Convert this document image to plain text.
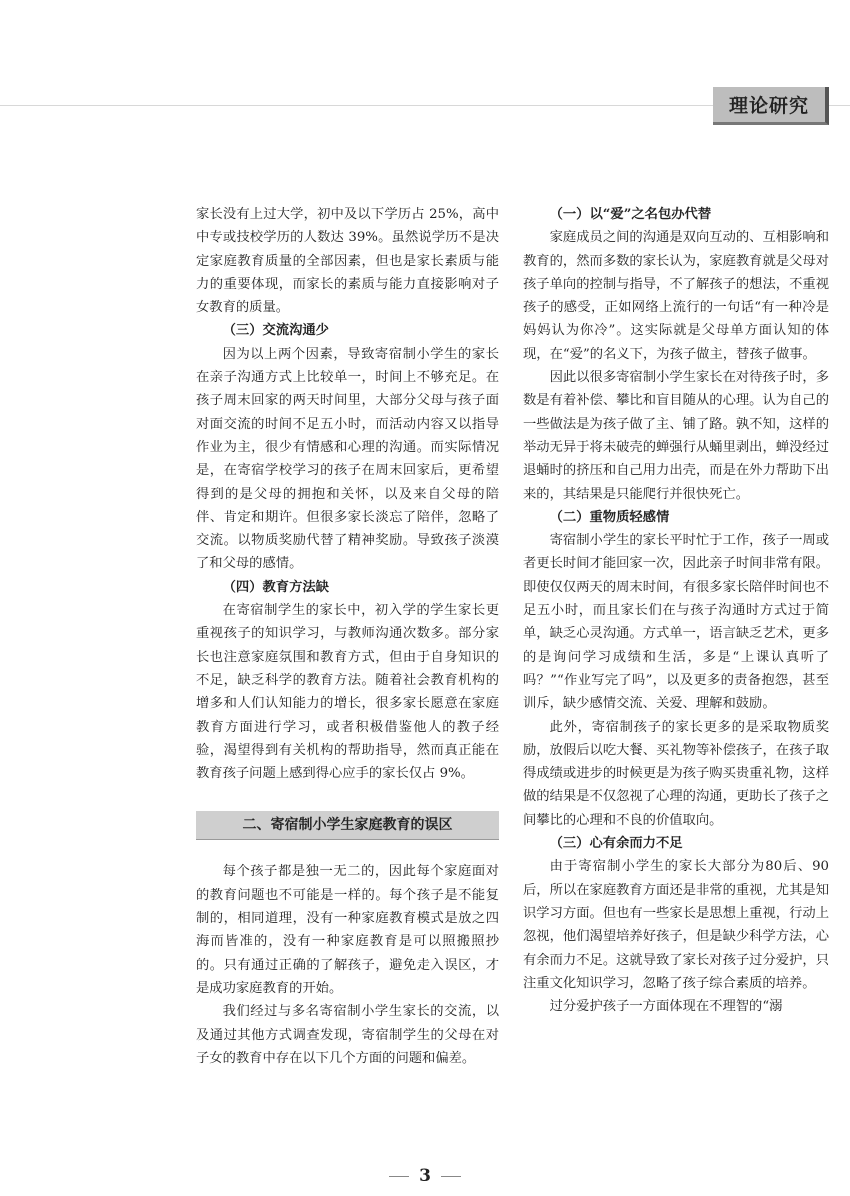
理论研究

家长没有上过大学，初中及以下学历占 25%，高中中专或技校学历的人数达 39%。虽然说学历不是决定家庭教育质量的全部因素，但也是家长素质与能力的重要体现，而家长的素质与能力直接影响对子女教育的质量。

（三）交流沟通少

因为以上两个因素，导致寄宿制小学生的家长在亲子沟通方式上比较单一，时间上不够充足。在孩子周末回家的两天时间里，大部分父母与孩子面对面交流的时间不足五小时，而活动内容又以指导作业为主，很少有情感和心理的沟通。而实际情况是，在寄宿学校学习的孩子在周末回家后，更希望得到的是父母的拥抱和关怀，以及来自父母的陪伴、肯定和期许。但很多家长淡忘了陪伴，忽略了交流。以物质奖励代替了精神奖励。导致孩子淡漠了和父母的感情。

（四）教育方法缺

在寄宿制学生的家长中，初入学的学生家长更重视孩子的知识学习，与教师沟通次数多。部分家长也注意家庭氛围和教育方式，但由于自身知识的不足，缺乏科学的教育方法。随着社会教育机构的增多和人们认知能力的增长，很多家长愿意在家庭教育方面进行学习，或者积极借鉴他人的教子经验，渴望得到有关机构的帮助指导，然而真正能在教育孩子问题上感到得心应手的家长仅占 9%。

二、寄宿制小学生家庭教育的误区

每个孩子都是独一无二的，因此每个家庭面对的教育问题也不可能是一样的。每个孩子是不能复制的，相同道理，没有一种家庭教育模式是放之四海而皆准的，没有一种家庭教育是可以照搬照抄的。只有通过正确的了解孩子，避免走入误区，才是成功家庭教育的开始。

我们经过与多名寄宿制小学生家长的交流，以及通过其他方式调查发现，寄宿制学生的父母在对子女的教育中存在以下几个方面的问题和偏差。

（一）以“爱”之名包办代替

家庭成员之间的沟通是双向互动的、互相影响和教育的，然而多数的家长认为，家庭教育就是父母对孩子单向的控制与指导，不了解孩子的想法，不重视孩子的感受，正如网络上流行的一句话“有一种冷是妈妈认为你冷”。这实际就是父母单方面认知的体现，在“爱”的名义下，为孩子做主，替孩子做事。

因此以很多寄宿制小学生家长在对待孩子时，多数是有着补偿、攀比和盲目随从的心理。认为自己的一些做法是为孩子做了主、铺了路。孰不知，这样的举动无异于将未破壳的蝉强行从蛹里剥出，蝉没经过退蛹时的挤压和自己用力出壳，而是在外力帮助下出来的，其结果是只能爬行并很快死亡。

（二）重物质轻感情

寄宿制小学生的家长平时忙于工作，孩子一周或者更长时间才能回家一次，因此亲子时间非常有限。即使仅仅两天的周末时间，有很多家长陪伴时间也不足五小时，而且家长们在与孩子沟通时方式过于简单，缺乏心灵沟通。方式单一，语言缺乏艺术，更多的是询问学习成绩和生活，多是“上课认真听了吗？”“作业写完了吗”，以及更多的责备抱怨，甚至训斥，缺少感情交流、关爱、理解和鼓励。

此外，寄宿制孩子的家长更多的是采取物质奖励，放假后以吃大餐、买礼物等补偿孩子，在孩子取得成绩或进步的时候更是为孩子购买贵重礼物，这样做的结果是不仅忽视了心理的沟通，更助长了孩子之间攀比的心理和不良的价值取向。

（三）心有余而力不足

由于寄宿制小学生的家长大部分为80后、90后，所以在家庭教育方面还是非常的重视，尤其是知识学习方面。但也有一些家长是思想上重视，行动上忽视，他们渴望培养好孩子，但是缺少科学方法，心有余而力不足。这就导致了家长对孩子过分爱护，只注重文化知识学习，忽略了孩子综合素质的培养。

过分爱护孩子一方面体现在不理智的“溺

3
